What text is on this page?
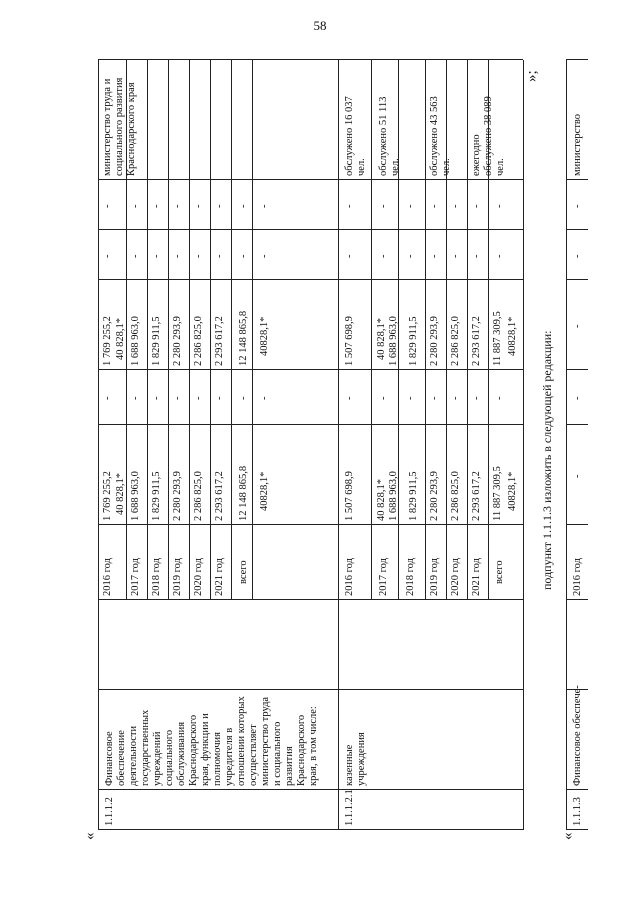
58
«
1.1.1.2
Финансовое обеспечение деятельности государственных учреждений социального обслуживания Краснодарского края, функции и полномочия учредителя в отношении которых осуществляет министерство труда и социального развития Краснодарского края, в том числе:
2016 год 2017 год 2018 год 2019 год 2020 год 2021 год всего
1 769 255,2 40 828,1* 1 688 963,0 1 829 911,5 2 280 293,9 2 286 825,0 2 293 617,2 12 148 865,8 40828,1*
- - - - - - - -
1 769 255,2 40 828,1* 1 688 963,0 1 829 911,5 2 280 293,9 2 286 825,0 2 293 617,2 12 148 865,8 40828,1*
- - - - - - - -
- - - - - - - -
министерство труда и социального развития Краснодарского края
1.1.1.2.1
казенные учреждения
2016 год 2017 год 2018 год 2019 год 2020 год 2021 год всего
1 507 698,9 40 828,1* 1 688 963,0 1 829 911,5 2 280 293,9 2 286 825,0 2 293 617,2 11 887 309,5 40828,1*
- - - - - - -
1 507 698,9 40 828,1* 1 688 963,0 1 829 911,5 2 280 293,9 2 286 825,0 2 293 617,2 11 887 309,5 40828,1*
- - - - - - -
- - - - - - -
обслужено 16 037 чел. обслужено 51 113 чел.	обслужено 43 563 чел. ежегодно обслужено 38 089 чел.
»;
подпункт 1.1.1.3 изложить в следующей редакции:
«
1.1.1.3
Финансовое обеспече-
2016 год
-
-
-
-
-
министерство
